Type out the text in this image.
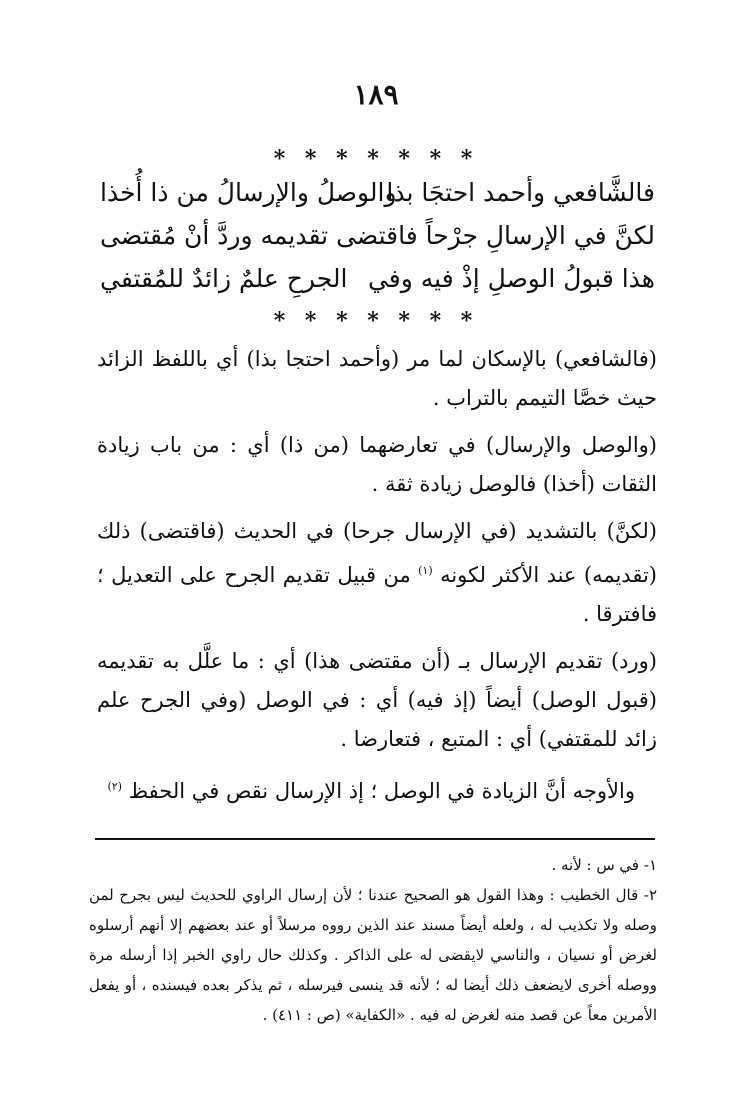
١٨٩
* * * * * * *
فالشَّافعي وأحمد احتجَا بذا
والوصلُ والإرسالُ من ذا أُخذا
لكنَّ في الإرسالِ جرْحاً فاقتضى
تقديمه وردَّ أنْ مُقتضى
هذا قبولُ الوصلِ إذْ فيه وفي
الجرحِ علمٌ زائدٌ للمُقتفي
* * * * * * *

(فالشافعي) بالإسكان لما مر (وأحمد احتجا بذا) أي باللفظ الزائد حيث خصَّا التيمم بالتراب .

(والوصل والإرسال) في تعارضهما (من ذا) أي : من باب زيادة الثقات (أخذا) فالوصل زيادة ثقة .

(لكنَّ) بالتشديد (في الإرسال جرحا) في الحديث (فاقتضى) ذلك (تقديمه) عند الأكثر لكونه $^{(١)}$ من قبيل تقديم الجرح على التعديل ؛ فافترقا .

(ورد) تقديم الإرسال بـ (أن مقتضى هذا) أي : ما علَّل به تقديمه (قبول الوصل) أيضاً (إذ فيه) أي : في الوصل (وفي الجرح علم زائد للمقتفي) أي : المتبع ، فتعارضا .

والأوجه أنَّ الزيادة في الوصل ؛ إذ الإرسال نقص في الحفظ $^{(٢)}$

١- في س : لأنه .

٢- قال الخطيب : وهذا القول هو الصحيح عندنا ؛ لأن إرسال الراوي للحديث ليس بجرح لمن وصله ولا تكذيب له ، ولعله أيضاً مسند عند الذين رووه مرسلاً أو عند بعضهم إلا أنهم أرسلوه لغرض أو نسيان ، والناسي لايقضى له على الذاكر . وكذلك حال راوي الخبر إذا أرسله مرة ووصله أخرى لايضعف ذلك أيضا له ؛ لأنه قد ينسى فيرسله ، ثم يذكر بعده فيسنده ، أو يفعل الأمرين معاً عن قصد منه لغرض له فيه . «الكفاية» (ص : ٤١١) .
